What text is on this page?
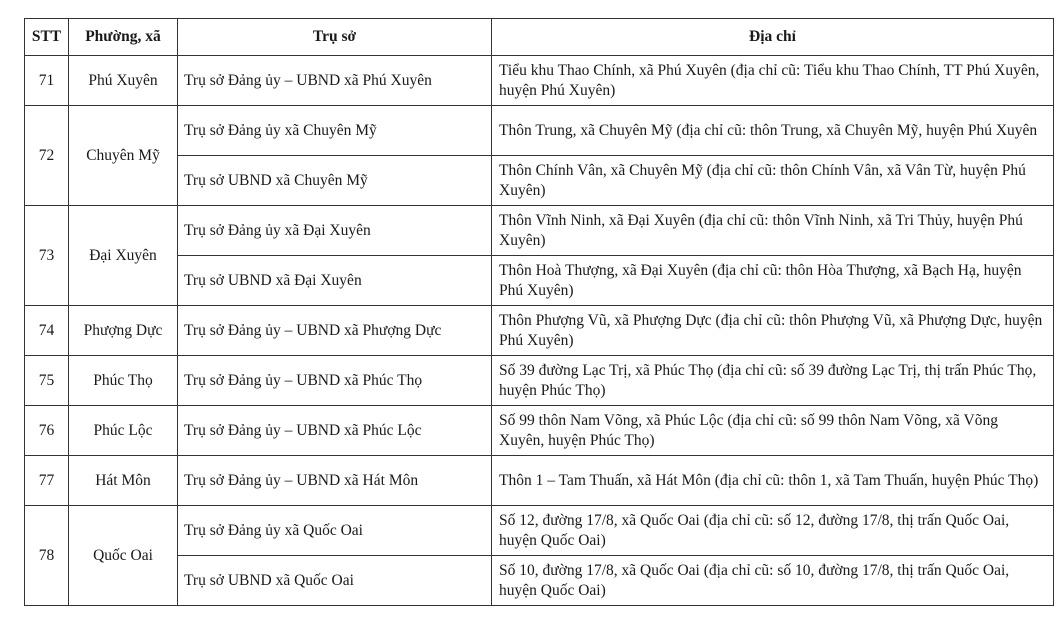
STT	Phường, xã	Trụ sở	Địa chỉ
71	Phú Xuyên	Trụ sở Đảng ủy – UBND xã Phú Xuyên	Tiểu khu Thao Chính, xã Phú Xuyên (địa chỉ cũ: Tiểu khu Thao Chính, TT Phú Xuyên, huyện Phú Xuyên)
72	Chuyên Mỹ	Trụ sở Đảng ủy xã Chuyên Mỹ	Thôn Trung, xã Chuyên Mỹ (địa chỉ cũ: thôn Trung, xã Chuyên Mỹ, huyện Phú Xuyên
		Trụ sở UBND xã Chuyên Mỹ	Thôn Chính Vân, xã Chuyên Mỹ (địa chỉ cũ: thôn Chính Vân, xã Vân Từ, huyện Phú Xuyên)
73	Đại Xuyên	Trụ sở Đảng ủy xã Đại Xuyên	Thôn Vĩnh Ninh, xã Đại Xuyên (địa chỉ cũ: thôn Vĩnh Ninh, xã Tri Thủy, huyện Phú Xuyên)
		Trụ sở UBND xã Đại Xuyên	Thôn Hoà Thượng, xã Đại Xuyên (địa chỉ cũ: thôn Hòa Thượng, xã Bạch Hạ, huyện Phú Xuyên)
74	Phượng Dực	Trụ sở Đảng ủy – UBND xã Phượng Dực	Thôn Phượng Vũ, xã Phượng Dực (địa chỉ cũ: thôn Phượng Vũ, xã Phượng Dực, huyện Phú Xuyên)
75	Phúc Thọ	Trụ sở Đảng ủy – UBND xã Phúc Thọ	Số 39 đường Lạc Trị, xã Phúc Thọ (địa chỉ cũ: số 39 đường Lạc Trị, thị trấn Phúc Thọ, huyện Phúc Thọ)
76	Phúc Lộc	Trụ sở Đảng ủy – UBND xã Phúc Lộc	Số 99 thôn Nam Võng, xã Phúc Lộc (địa chỉ cũ: số 99 thôn Nam Võng, xã Võng Xuyên, huyện Phúc Thọ)
77	Hát Môn	Trụ sở Đảng ủy – UBND xã Hát Môn	Thôn 1 – Tam Thuấn, xã Hát Môn (địa chỉ cũ: thôn 1, xã Tam Thuấn, huyện Phúc Thọ)
78	Quốc Oai	Trụ sở Đảng ủy xã Quốc Oai	Số 12, đường 17/8, xã Quốc Oai (địa chỉ cũ: số 12, đường 17/8, thị trấn Quốc Oai, huyện Quốc Oai)
		Trụ sở UBND xã Quốc Oai	Số 10, đường 17/8, xã Quốc Oai (địa chỉ cũ: số 10, đường 17/8, thị trấn Quốc Oai, huyện Quốc Oai)
